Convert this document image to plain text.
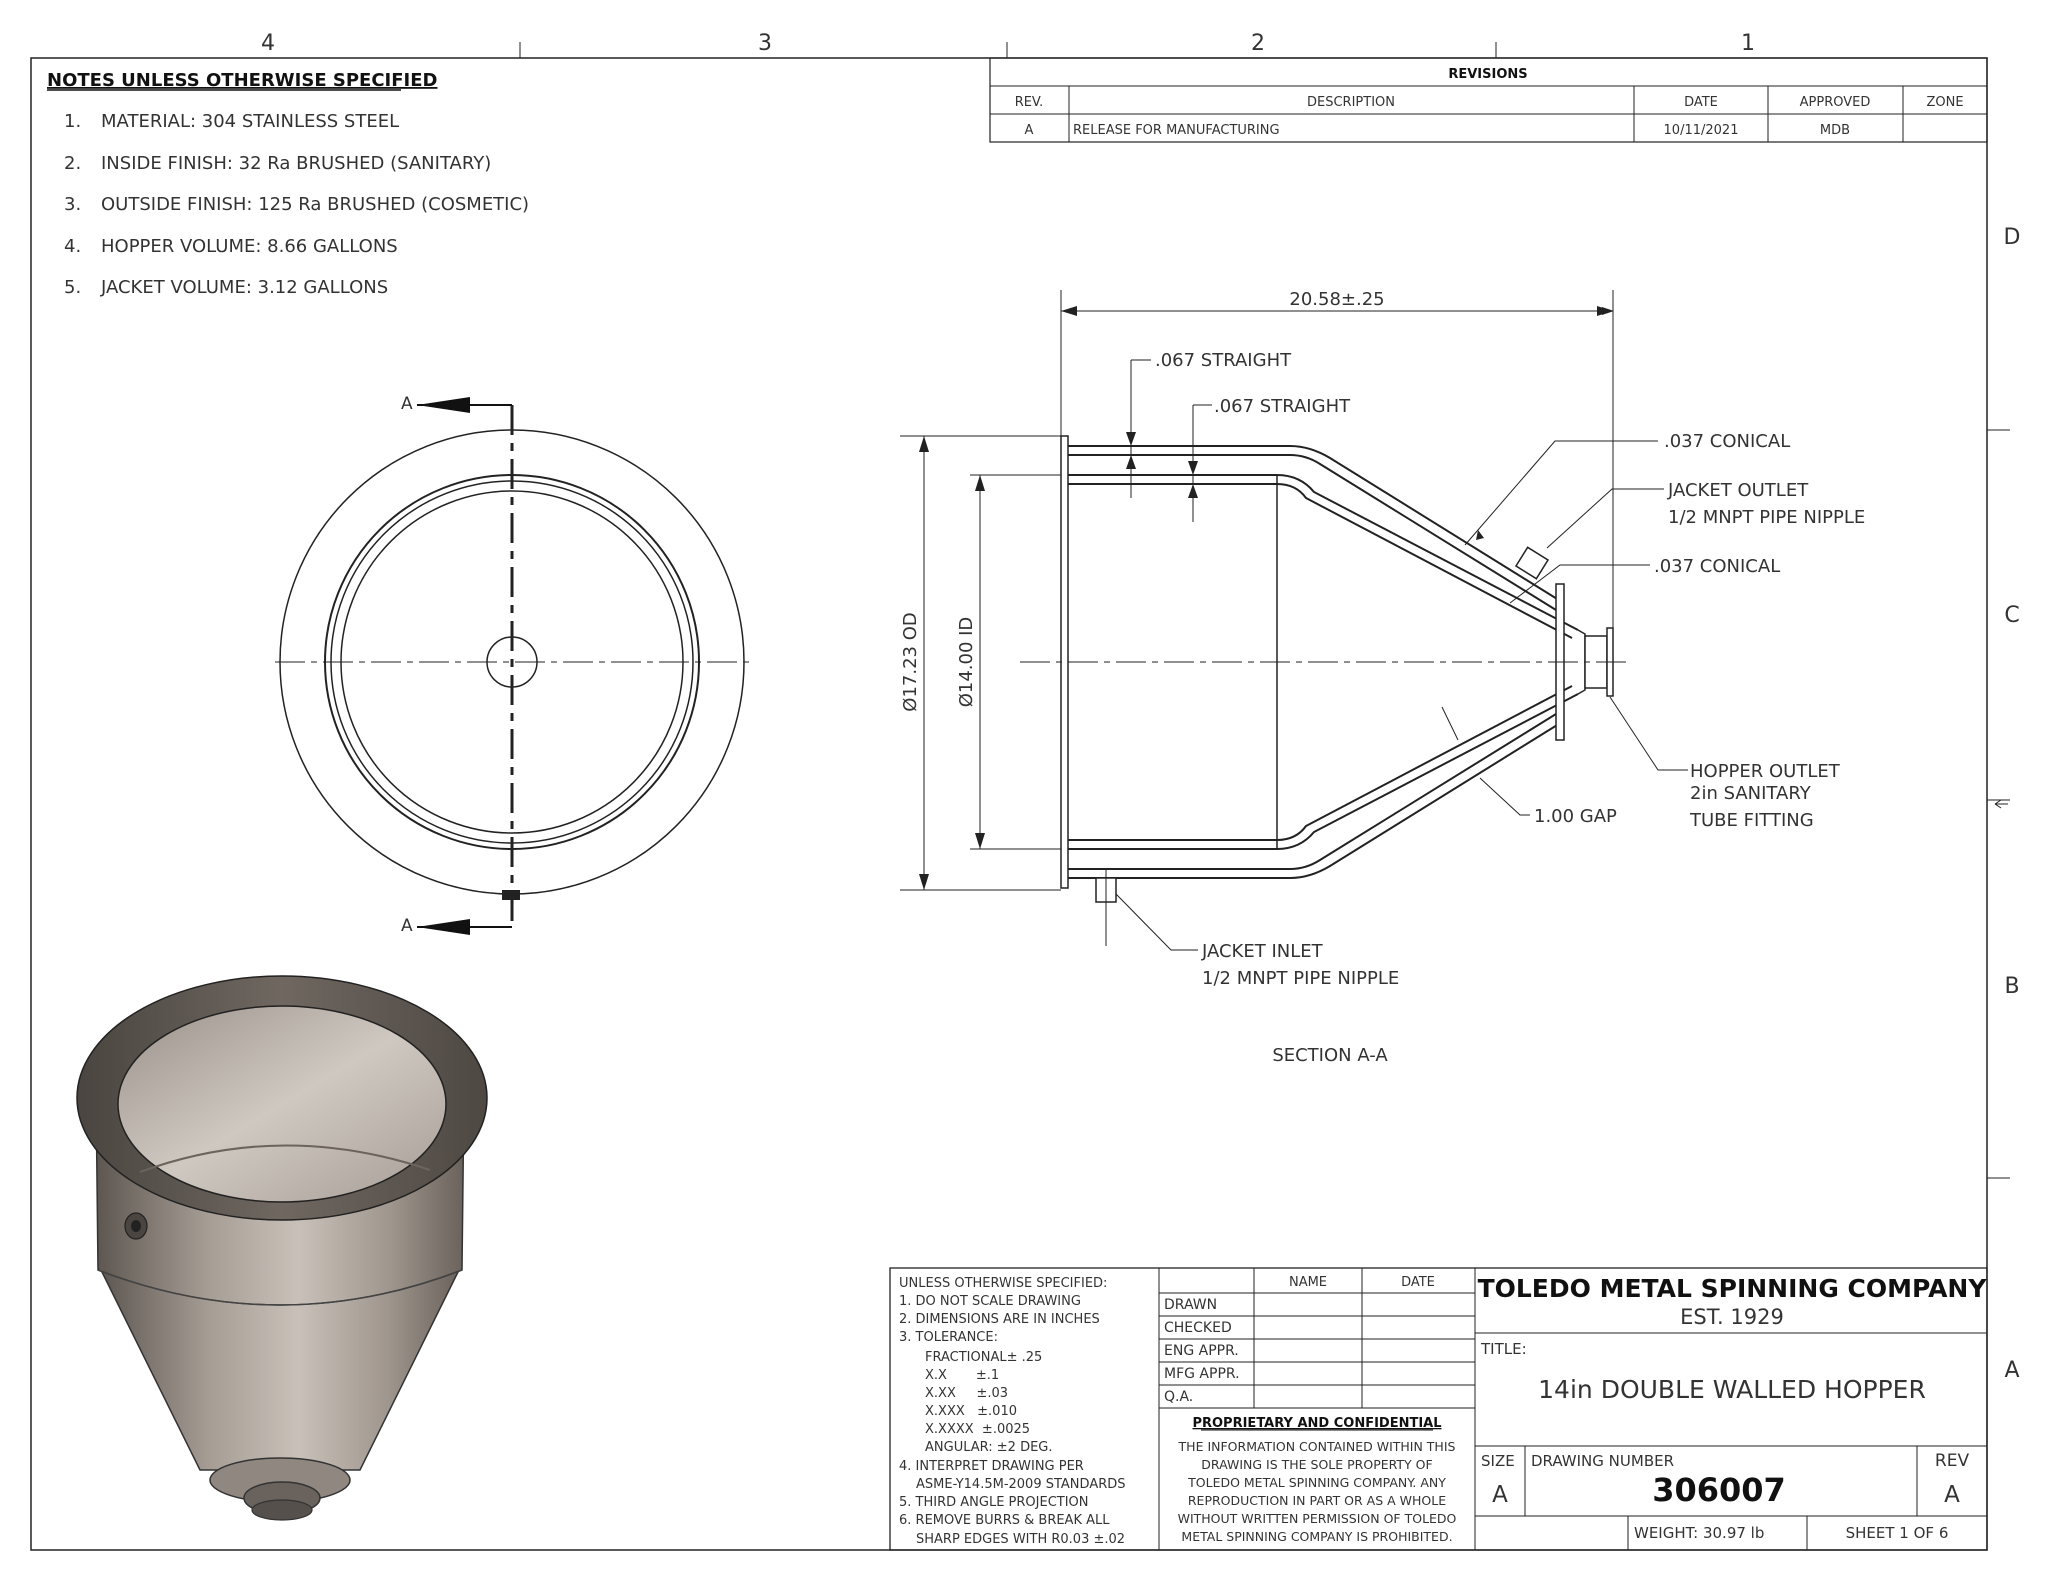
4	3	2	1
D
C
B
A
NOTES UNLESS OTHERWISE SPECIFIED
1. MATERIAL: 304 STAINLESS STEEL
2. INSIDE FINISH: 32 Ra BRUSHED (SANITARY)
3. OUTSIDE FINISH: 125 Ra BRUSHED (COSMETIC)
4. HOPPER VOLUME: 8.66 GALLONS
5. JACKET VOLUME: 3.12 GALLONS
REVISIONS
REV.	DESCRIPTION	DATE	APPROVED	ZONE
A	RELEASE FOR MANUFACTURING	10/11/2021	MDB
A
A
20.58±.25
Ø17.23 OD Ø14.00 ID
.067 STRAIGHT
.067 STRAIGHT
.037 CONICAL
JACKET OUTLET
1/2 MNPT PIPE NIPPLE
.037 CONICAL
1.00 GAP
HOPPER OUTLET
2in SANITARY
TUBE FITTING
JACKET INLET
1/2 MNPT PIPE NIPPLE
SECTION A-A
UNLESS OTHERWISE SPECIFIED:
1. DO NOT SCALE DRAWING
2. DIMENSIONS ARE IN INCHES
3. TOLERANCE:
FRACTIONAL± .25
X.X       ±.1
X.XX     ±.03
X.XXX   ±.010
X.XXXX  ±.0025
ANGULAR: ±2 DEG.
4. INTERPRET DRAWING PER
ASME-Y14.5M-2009 STANDARDS
5. THIRD ANGLE PROJECTION
6. REMOVE BURRS & BREAK ALL
SHARP EDGES WITH R0.03 ±.02
NAME	DATE
DRAWN
CHECKED
ENG APPR.
MFG APPR.
Q.A.
PROPRIETARY AND CONFIDENTIAL
THE INFORMATION CONTAINED WITHIN THIS
DRAWING IS THE SOLE PROPERTY OF
TOLEDO METAL SPINNING COMPANY. ANY
REPRODUCTION IN PART OR AS A WHOLE
WITHOUT WRITTEN PERMISSION OF TOLEDO
METAL SPINNING COMPANY IS PROHIBITED.
TOLEDO METAL SPINNING COMPANY
EST. 1929
TITLE:
14in DOUBLE WALLED HOPPER
SIZE
A
DRAWING NUMBER
306007
REV
A
WEIGHT: 30.97 lb	SHEET 1 OF 6
